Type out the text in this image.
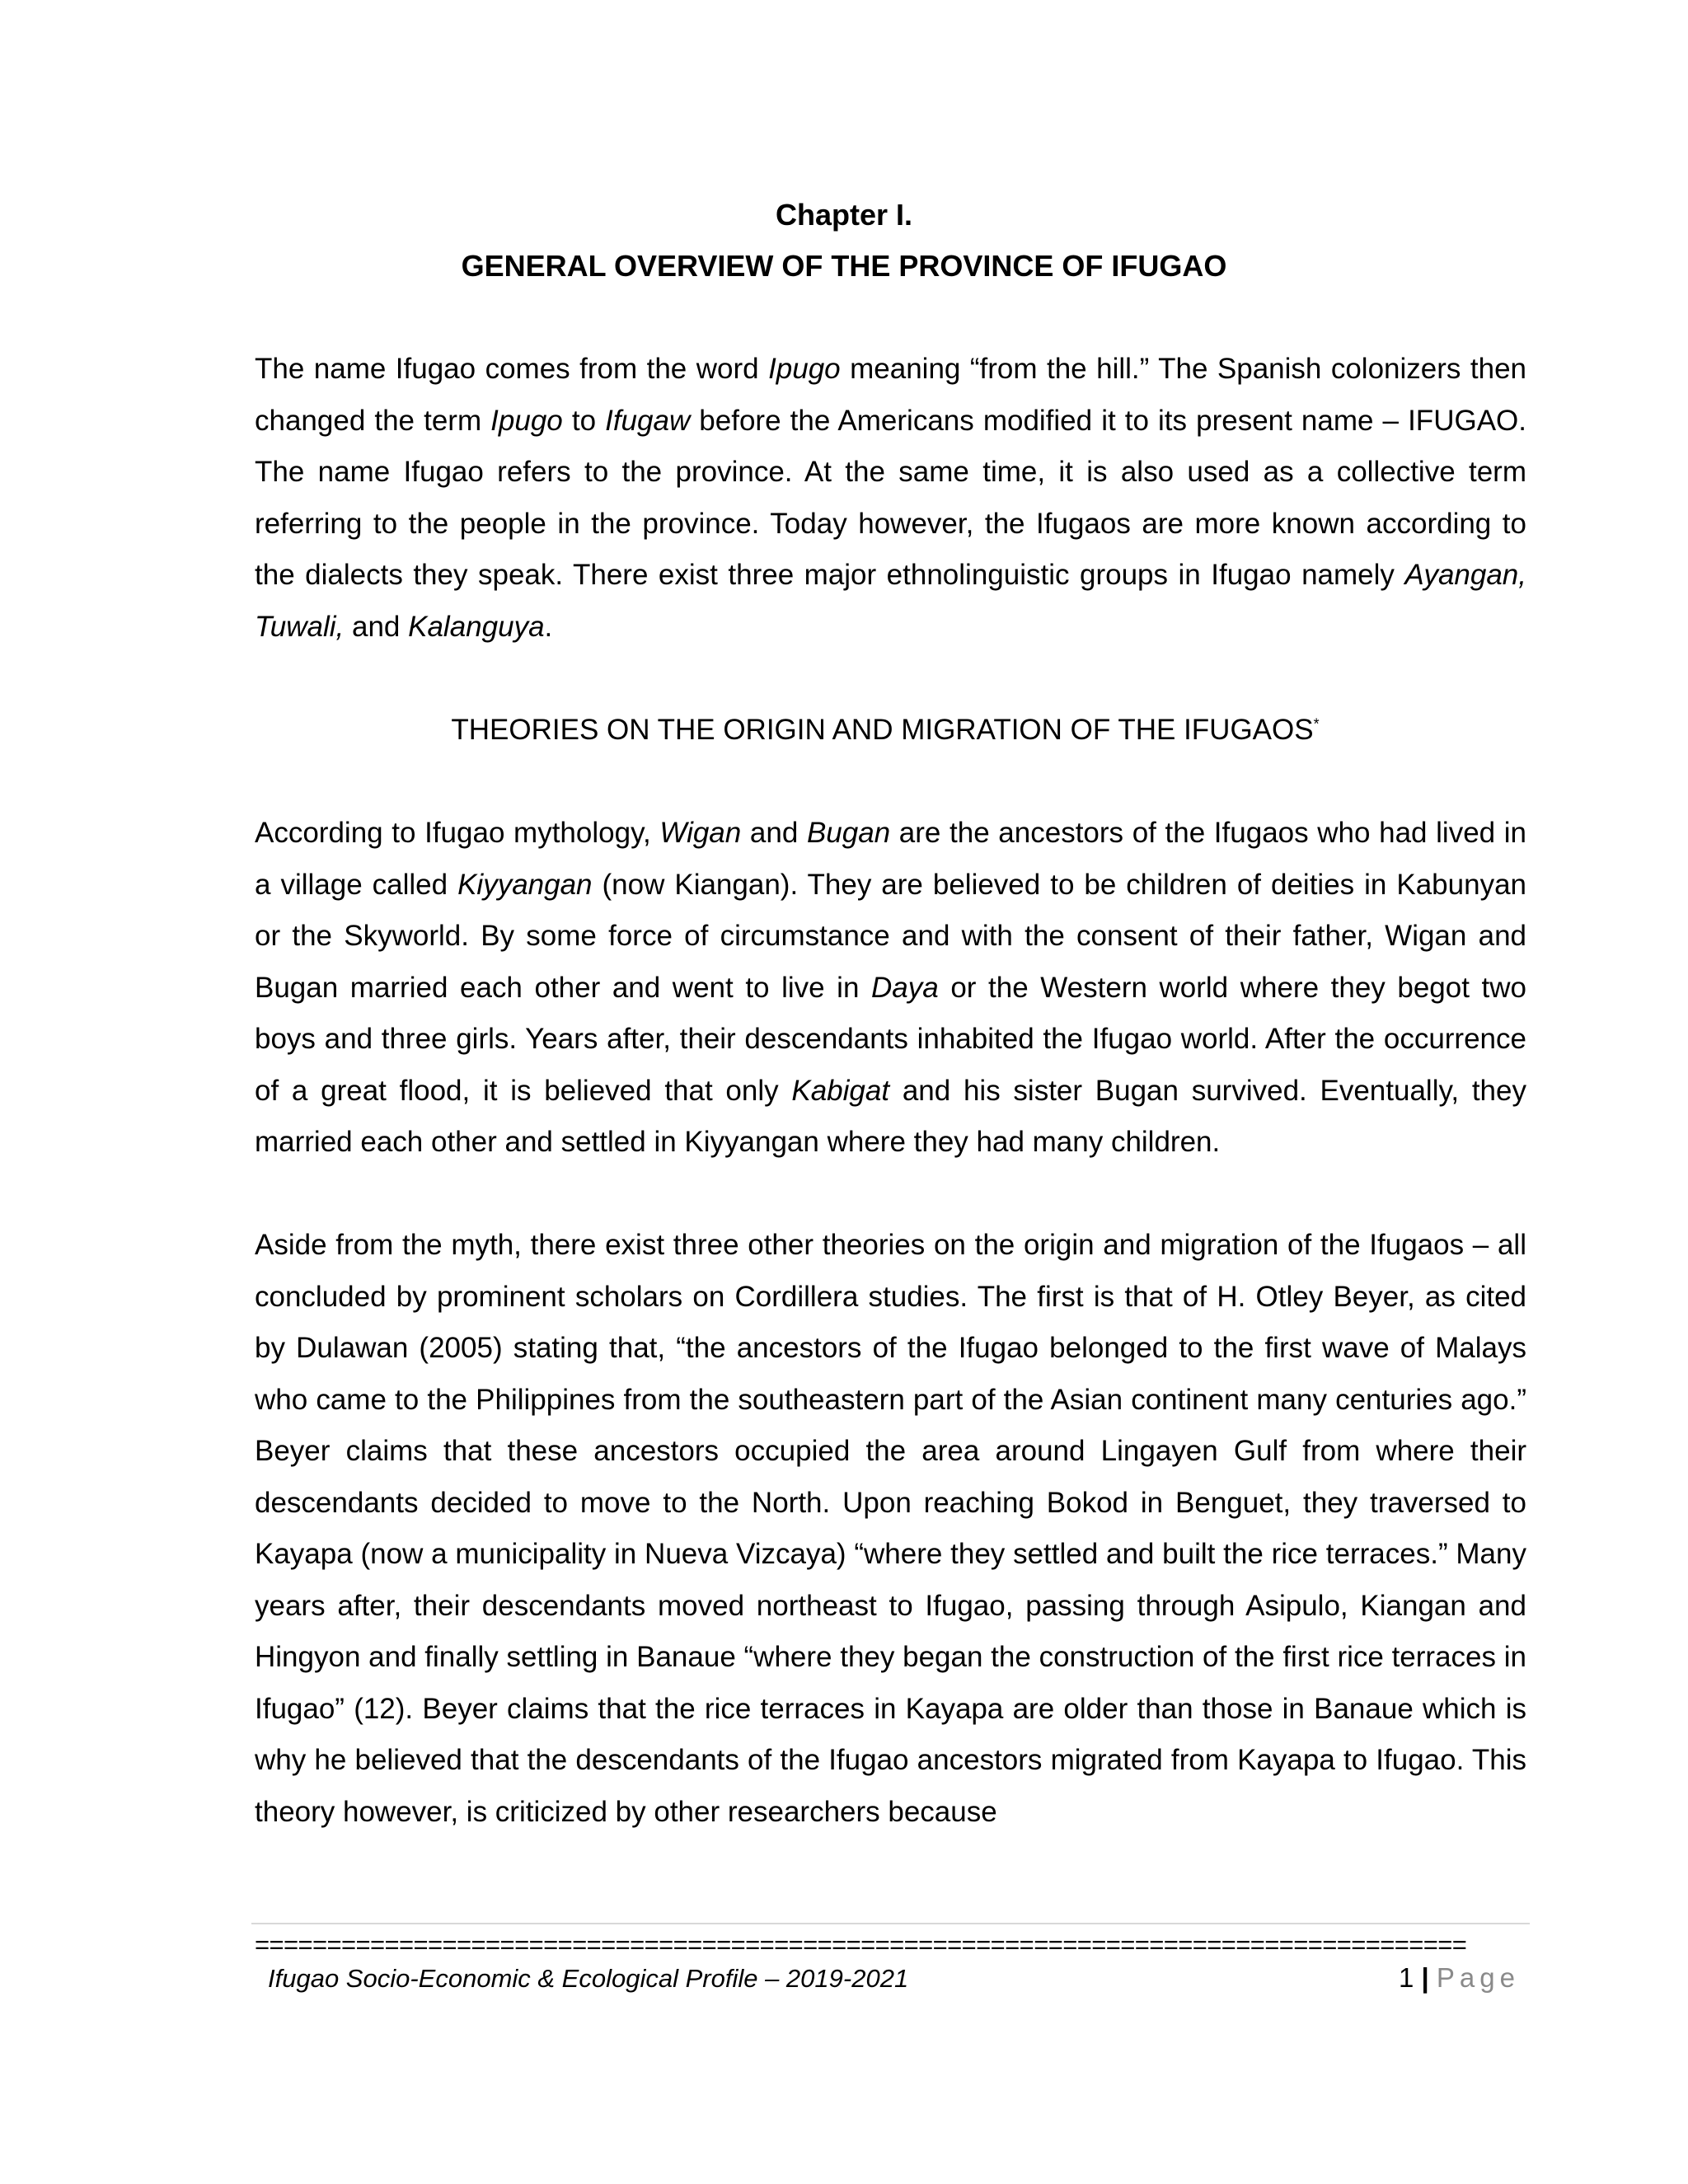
Chapter I.
GENERAL OVERVIEW OF THE PROVINCE OF IFUGAO

The name Ifugao comes from the word Ipugo meaning “from the hill.” The Spanish colonizers then changed the term Ipugo to Ifugaw before the Americans modified it to its present name – IFUGAO. The name Ifugao refers to the province. At the same time, it is also used as a collective term referring to the people in the province. Today however, the Ifugaos are more known according to the dialects they speak. There exist three major ethnolinguistic groups in Ifugao namely Ayangan, Tuwali, and Kalanguya.

THEORIES ON THE ORIGIN AND MIGRATION OF THE IFUGAOS*

According to Ifugao mythology, Wigan and Bugan are the ancestors of the Ifugaos who had lived in a village called Kiyyangan (now Kiangan). They are believed to be children of deities in Kabunyan or the Skyworld. By some force of circumstance and with the consent of their father, Wigan and Bugan married each other and went to live in Daya or the Western world where they begot two boys and three girls. Years after, their descendants inhabited the Ifugao world. After the occurrence of a great flood, it is believed that only Kabigat and his sister Bugan survived. Eventually, they married each other and settled in Kiyyangan where they had many children.

Aside from the myth, there exist three other theories on the origin and migration of the Ifugaos – all concluded by prominent scholars on Cordillera studies. The first is that of H. Otley Beyer, as cited by Dulawan (2005) stating that, “the ancestors of the Ifugao belonged to the first wave of Malays who came to the Philippines from the southeastern part of the Asian continent many centuries ago.” Beyer claims that these ancestors occupied the area around Lingayen Gulf from where their descendants decided to move to the North. Upon reaching Bokod in Benguet, they traversed to Kayapa (now a municipality in Nueva Vizcaya) “where they settled and built the rice terraces.” Many years after, their descendants moved northeast to Ifugao, passing through Asipulo, Kiangan and Hingyon and finally settling in Banaue “where they began the construction of the first rice terraces in Ifugao” (12). Beyer claims that the rice terraces in Kayapa are older than those in Banaue which is why he believed that the descendants of the Ifugao ancestors migrated from Kayapa to Ifugao. This theory however, is criticized by other researchers because

====================================================================================
Ifugao Socio-Economic & Ecological Profile – 2019-2021	1 | Page
